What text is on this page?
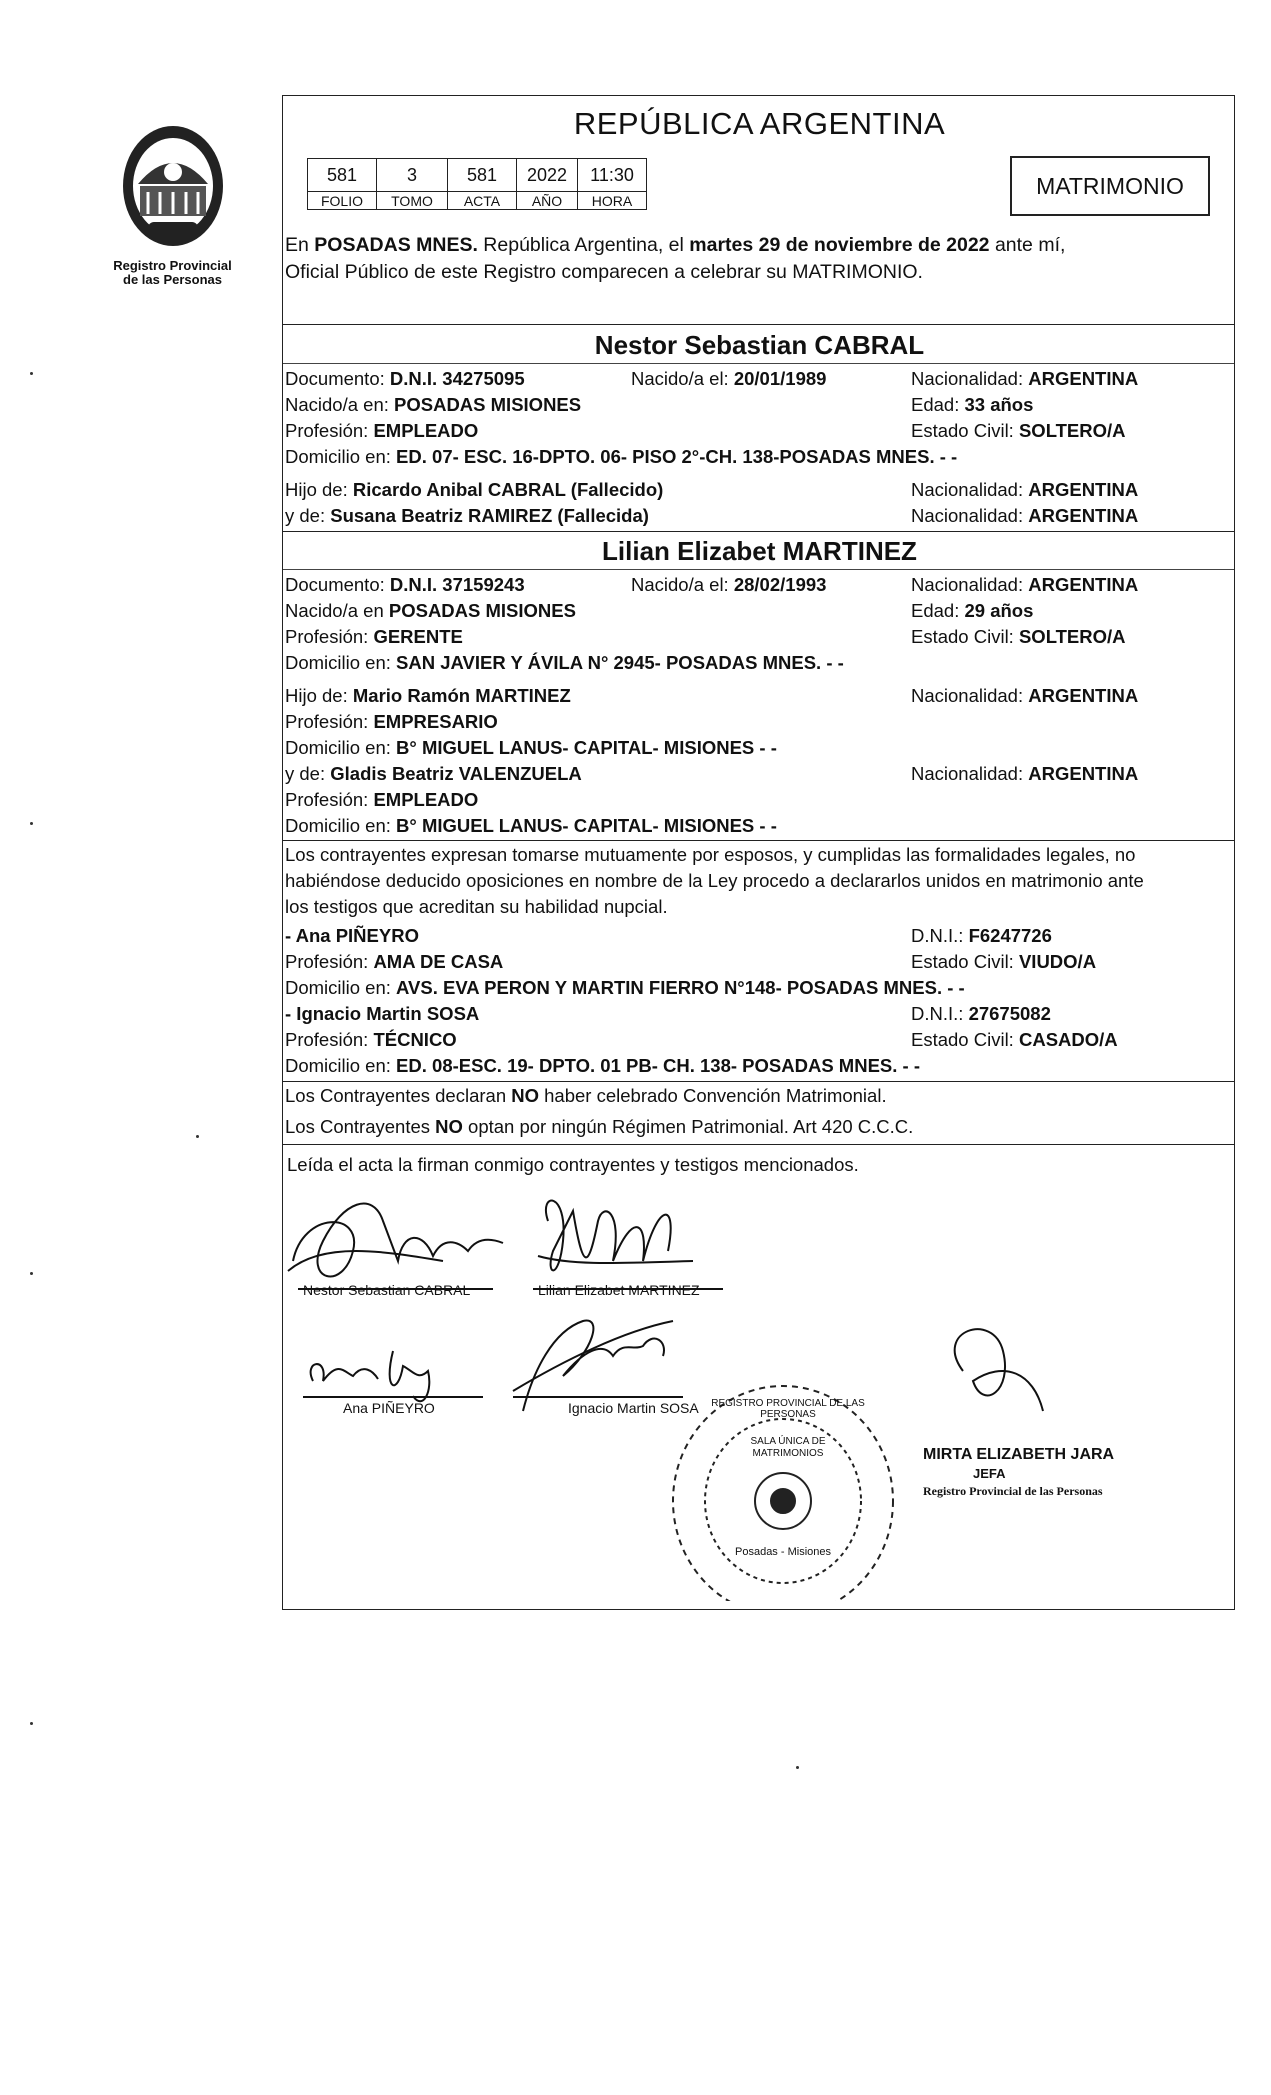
Registro Provincial
de las Personas
REPÚBLICA ARGENTINA
581	3	581	2022	11:30
FOLIO	TOMO	ACTA	AÑO	HORA
MATRIMONIO
En POSADAS MNES. República Argentina, el martes 29 de noviembre de 2022 ante mí,
Oficial Público de este Registro comparecen a celebrar su MATRIMONIO.
Nestor Sebastian CABRAL
Documento: D.N.I. 34275095	Nacido/a el: 20/01/1989	Nacionalidad: ARGENTINA
Nacido/a en: POSADAS MISIONES	Edad: 33 años
Profesión: EMPLEADO	Estado Civil: SOLTERO/A
Domicilio en: ED. 07- ESC. 16-DPTO. 06- PISO 2°-CH. 138-POSADAS MNES. - -
Hijo de: Ricardo Anibal CABRAL (Fallecido)	Nacionalidad: ARGENTINA
y de: Susana Beatriz RAMIREZ (Fallecida)	Nacionalidad: ARGENTINA
Lilian Elizabet MARTINEZ
Documento: D.N.I. 37159243	Nacido/a el: 28/02/1993	Nacionalidad: ARGENTINA
Nacido/a en POSADAS MISIONES	Edad: 29 años
Profesión: GERENTE	Estado Civil: SOLTERO/A
Domicilio en: SAN JAVIER Y ÁVILA N° 2945- POSADAS MNES. - -
Hijo de: Mario Ramón MARTINEZ	Nacionalidad: ARGENTINA
Profesión: EMPRESARIO
Domicilio en: B° MIGUEL LANUS- CAPITAL- MISIONES - -
y de: Gladis Beatriz VALENZUELA	Nacionalidad: ARGENTINA
Profesión: EMPLEADO
Domicilio en: B° MIGUEL LANUS- CAPITAL- MISIONES - -
Los contrayentes expresan tomarse mutuamente por esposos, y cumplidas las formalidades legales, no
habiéndose deducido oposiciones en nombre de la Ley procedo a declararlos unidos en matrimonio ante
los testigos que acreditan su habilidad nupcial.
- Ana PIÑEYRO	D.N.I.: F6247726
Profesión: AMA DE CASA	Estado Civil: VIUDO/A
Domicilio en: AVS. EVA PERON Y MARTIN FIERRO N°148- POSADAS MNES. - -
- Ignacio Martin SOSA	D.N.I.: 27675082
Profesión: TÉCNICO	Estado Civil: CASADO/A
Domicilio en: ED. 08-ESC. 19- DPTO. 01 PB- CH. 138- POSADAS MNES. - -
Los Contrayentes declaran NO haber celebrado Convención Matrimonial.
Los Contrayentes NO optan por ningún Régimen Patrimonial. Art 420 C.C.C.
Leída el acta la firman conmigo contrayentes y testigos mencionados.
Nestor Sebastian CABRAL	Lilian Elizabet MARTINEZ
Ana PIÑEYRO	Ignacio Martin SOSA
SALA ÚNICA DE MATRIMONIOS
REGISTRO PROVINCIAL DE LAS PERSONAS
Posadas - Misiones
MIRTA ELIZABETH JARA
JEFA
Registro Provincial de las Personas
